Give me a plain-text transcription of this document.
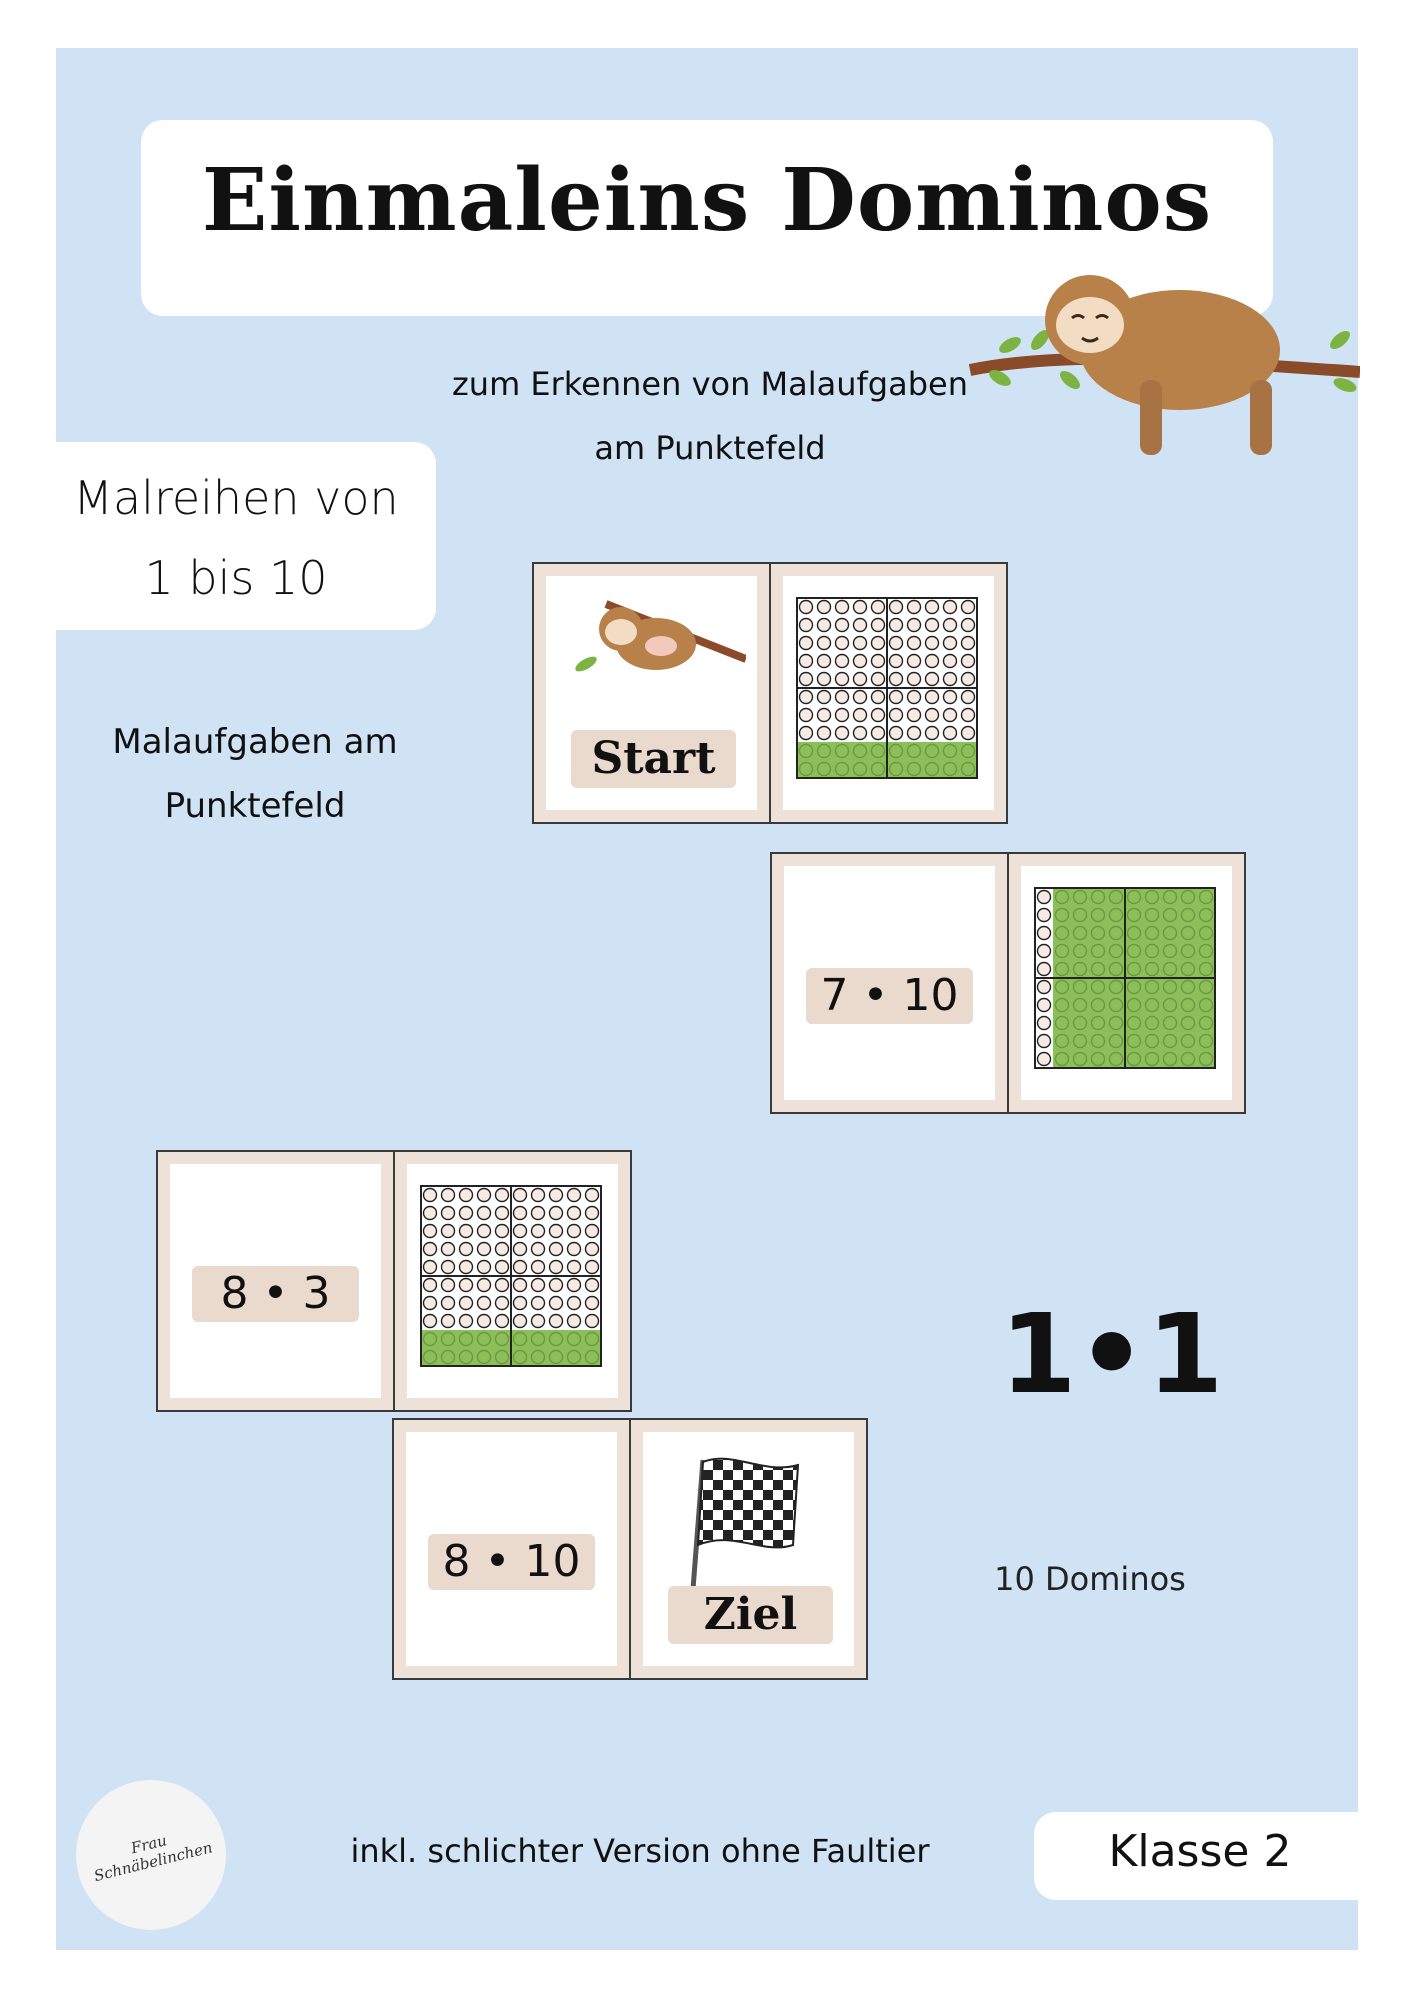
Einmaleins Dominos
zum Erkennen von Malaufgaben
am Punktefeld
Malreihen von
1 bis 10
Malaufgaben am
Punktefeld
Start
7 • 10
8 • 3
8 • 10
Ziel
1•1
10 Dominos
Frau Schnäbelinchen	inkl. schlichter Version ohne Faultier	Klasse 2
